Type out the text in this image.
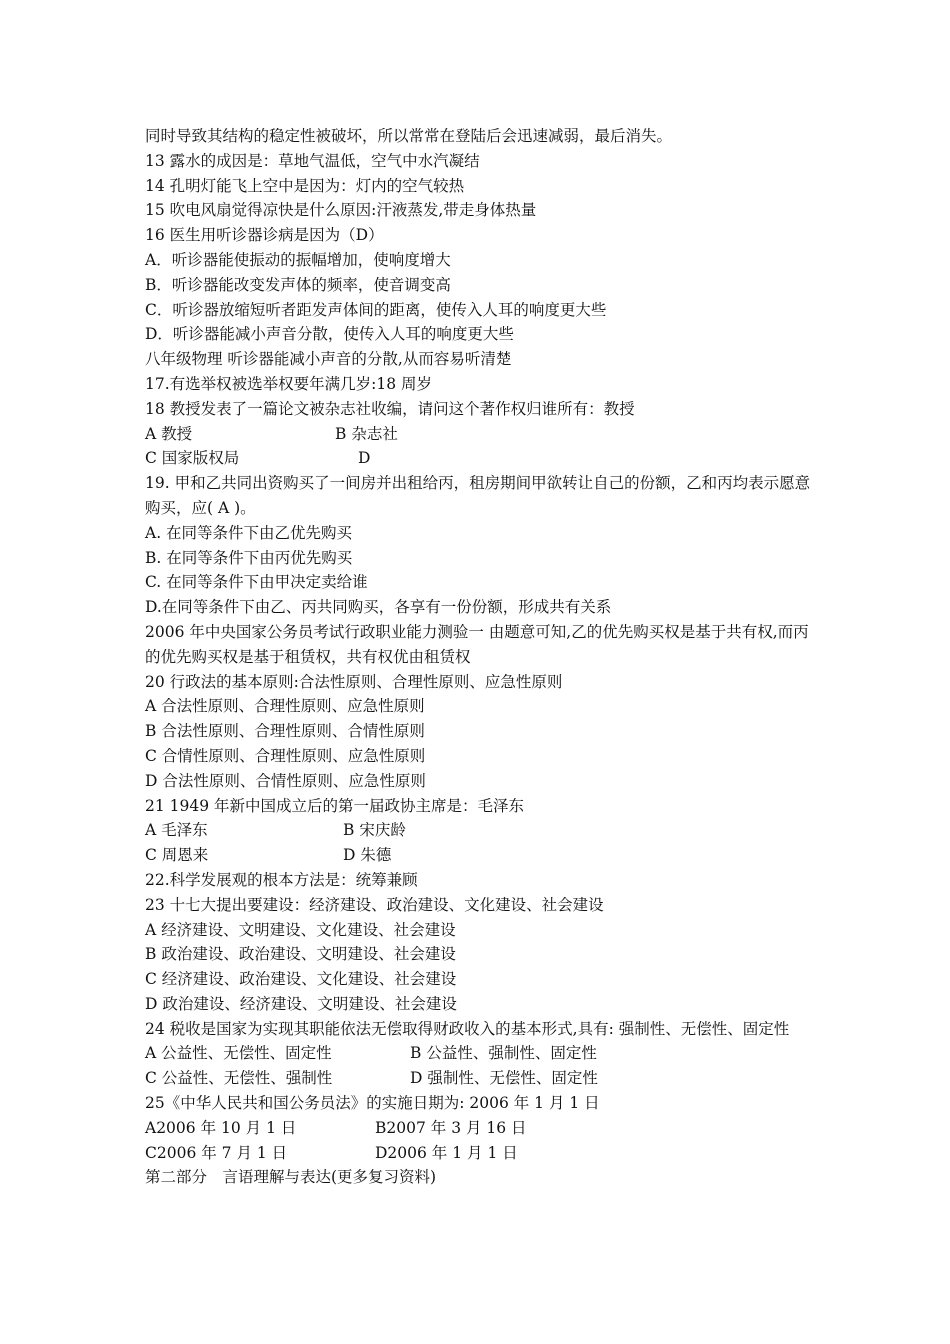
同时导致其结构的稳定性被破坏，所以常常在登陆后会迅速减弱，最后消失。

13 露水的成因是：草地气温低，空气中水汽凝结

14 孔明灯能飞上空中是因为：灯内的空气较热

15 吹电风扇觉得凉快是什么原因:汗液蒸发,带走身体热量

16 医生用听诊器诊病是因为（D）

A．听诊器能使振动的振幅增加，使响度增大

B．听诊器能改变发声体的频率，使音调变高

C．听诊器放缩短听者距发声体间的距离，使传入人耳的响度更大些

D．听诊器能减小声音分散，使传入人耳的响度更大些

八年级物理 听诊器能减小声音的分散,从而容易听清楚

17.有选举权被选举权要年满几岁:18 周岁

18 教授发表了一篇论文被杂志社收编，请问这个著作权归谁所有：教授

A 教授	B 杂志社
C 国家版权局	D

19. 甲和乙共同出资购买了一间房并出租给丙，租房期间甲欲转让自己的份额，乙和丙均表示愿意购买，应( A )。

A. 在同等条件下由乙优先购买

B. 在同等条件下由丙优先购买

C. 在同等条件下由甲决定卖给谁

D.在同等条件下由乙、丙共同购买，各享有一份份额，形成共有关系

2006 年中央国家公务员考试行政职业能力测验一 由题意可知,乙的优先购买权是基于共有权,而丙的优先购买权是基于租赁权，共有权优由租赁权

20 行政法的基本原则:合法性原则、合理性原则、应急性原则

A 合法性原则、合理性原则、应急性原则

B 合法性原则、合理性原则、合情性原则

C 合情性原则、合理性原则、应急性原则

D 合法性原则、合情性原则、应急性原则

21 1949 年新中国成立后的第一届政协主席是：毛泽东

A 毛泽东	B 宋庆龄
C 周恩来	D 朱德

22.科学发展观的根本方法是：统筹兼顾

23 十七大提出要建设：经济建设、政治建设、文化建设、社会建设

A 经济建设、文明建设、文化建设、社会建设

B 政治建设、政治建设、文明建设、社会建设

C 经济建设、政治建设、文化建设、社会建设

D 政治建设、经济建设、文明建设、社会建设

24 税收是国家为实现其职能依法无偿取得财政收入的基本形式,具有: 强制性、无偿性、固定性

A 公益性、无偿性、固定性	B 公益性、强制性、固定性
C 公益性、无偿性、强制性	D 强制性、无偿性、固定性

25《中华人民共和国公务员法》的实施日期为: 2006 年 1 月 1 日

A2006 年 10 月 1 日	B2007 年 3 月 16 日
C2006 年 7 月 1 日	D2006 年 1 月 1 日

第二部分　言语理解与表达(更多复习资料)
